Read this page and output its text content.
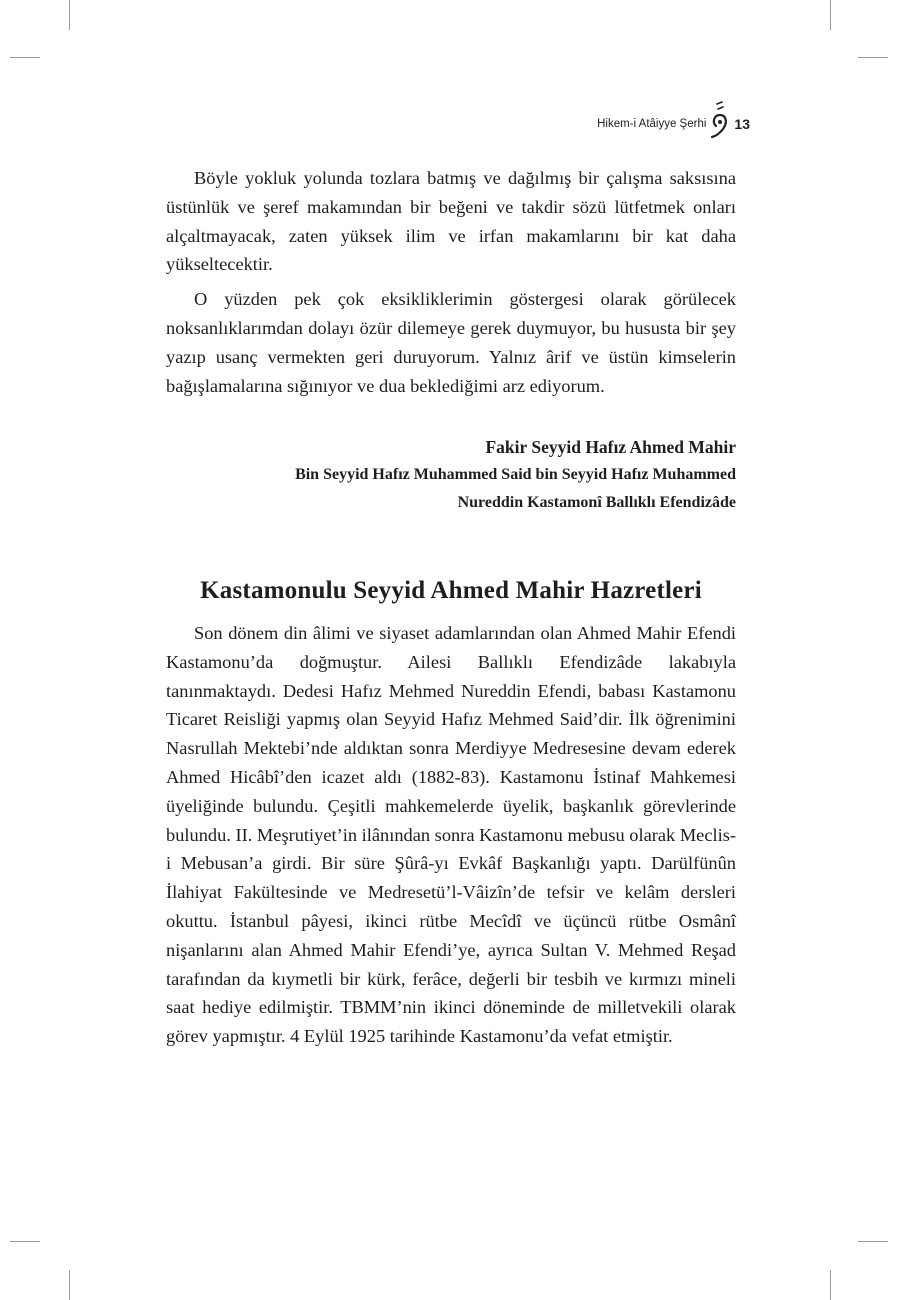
Hikem-i Atâiyye Şerhi 13

Böyle yokluk yolunda tozlara batmış ve dağılmış bir çalışma saksısına üstünlük ve şeref makamından bir beğeni ve takdir sözü lütfetmek onları alçaltmayacak, zaten yüksek ilim ve irfan makamlarını bir kat daha yükseltecektir.

O yüzden pek çok eksikliklerimin göstergesi olarak görülecek noksanlıklarımdan dolayı özür dilemeye gerek duymuyor, bu hususta bir şey yazıp usanç vermekten geri duruyorum. Yalnız ârif ve üstün kimselerin bağışlamalarına sığınıyor ve dua beklediğimi arz ediyorum.

Fakir Seyyid Hafız Ahmed Mahir
Bin Seyyid Hafız Muhammed Said bin Seyyid Hafız Muhammed
Nureddin Kastamonî Ballıklı Efendizâde
Kastamonulu Seyyid Ahmed Mahir Hazretleri

Son dönem din âlimi ve siyaset adamlarından olan Ahmed Mahir Efendi Kastamonu’da doğmuştur. Ailesi Ballıklı Efendizâde lakabıyla tanınmaktaydı. Dedesi Hafız Mehmed Nureddin Efendi, babası Kastamonu Ticaret Reisliği yapmış olan Seyyid Hafız Mehmed Said’dir. İlk öğrenimini Nasrullah Mektebi’nde aldıktan sonra Merdiyye Medresesine devam ederek Ahmed Hicâbî’den icazet aldı (1882-83). Kastamonu İstinaf Mahkemesi üyeliğinde bulundu. Çeşitli mahkemelerde üyelik, başkanlık görevlerinde bulundu. II. Meşrutiyet’in ilânından sonra Kastamonu mebusu olarak Meclis-i Mebusan’a girdi. Bir süre Şûrâ-yı Evkâf Başkanlığı yaptı. Darülfünûn İlahiyat Fakültesinde ve Medresetü’l-Vâizîn’de tefsir ve kelâm dersleri okuttu. İstanbul pâyesi, ikinci rütbe Mecîdî ve üçüncü rütbe Osmânî nişanlarını alan Ahmed Mahir Efendi’ye, ayrıca Sultan V. Mehmed Reşad tarafından da kıymetli bir kürk, ferâce, değerli bir tesbih ve kırmızı mineli saat hediye edilmiştir. TBMM’nin ikinci döneminde de milletvekili olarak görev yapmıştır. 4 Eylül 1925 tarihinde Kastamonu’da vefat etmiştir.
